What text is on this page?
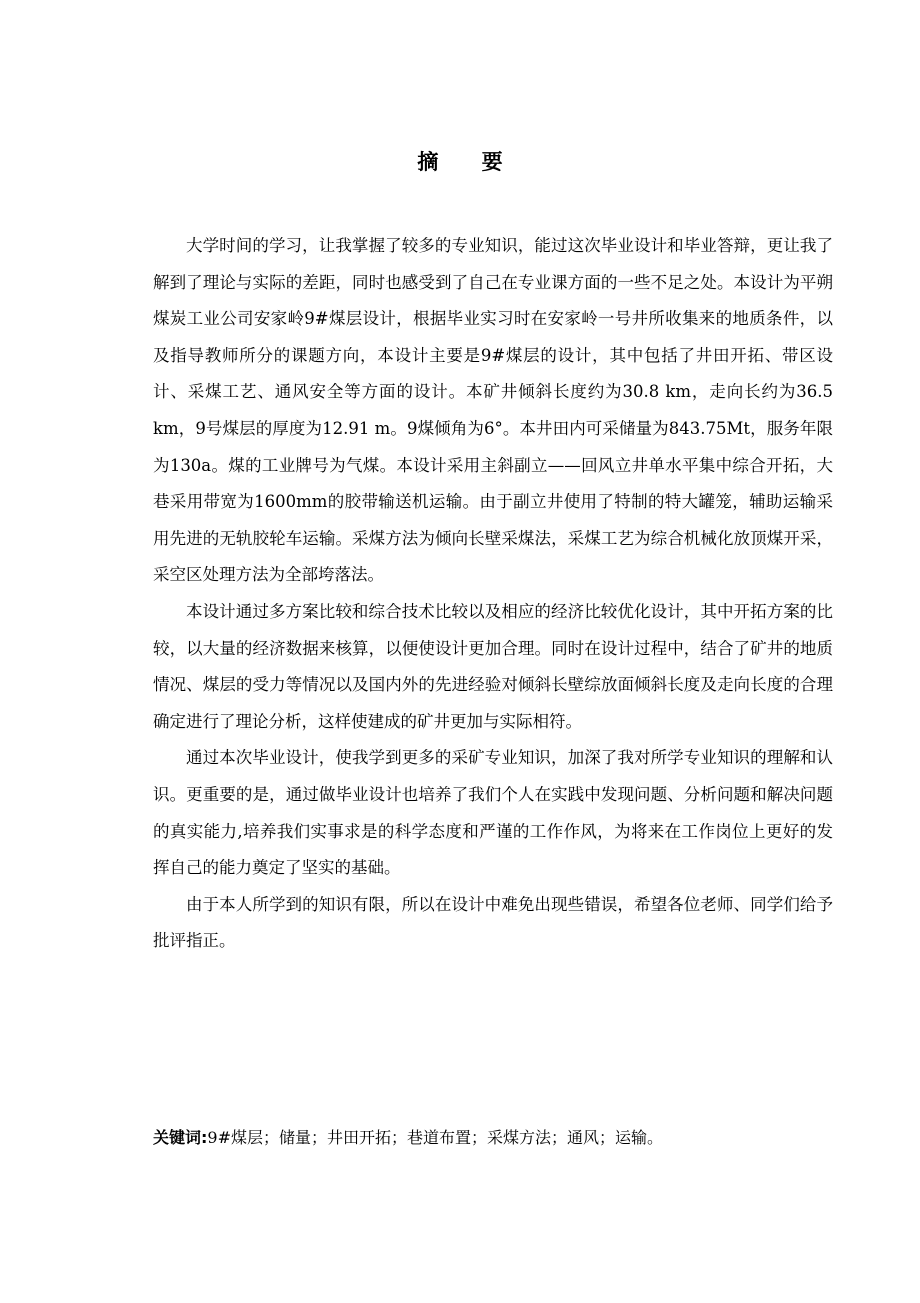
摘 要

大学时间的学习，让我掌握了较多的专业知识，能过这次毕业设计和毕业答辩，更让我了解到了理论与实际的差距，同时也感受到了自己在专业课方面的一些不足之处。本设计为平朔煤炭工业公司安家岭9#煤层设计，根据毕业实习时在安家岭一号井所收集来的地质条件，以及指导教师所分的课题方向，本设计主要是9#煤层的设计，其中包括了井田开拓、带区设计、采煤工艺、通风安全等方面的设计。本矿井倾斜长度约为30.8 km，走向长约为36.5 km，9号煤层的厚度为12.91 m。9煤倾角为6°。本井田内可采储量为843.75Mt，服务年限为130a。煤的工业牌号为气煤。本设计采用主斜副立——回风立井单水平集中综合开拓，大巷采用带宽为1600mm的胶带输送机运输。由于副立井使用了特制的特大罐笼，辅助运输采用先进的无轨胶轮车运输。采煤方法为倾向长壁采煤法，采煤工艺为综合机械化放顶煤开采，采空区处理方法为全部垮落法。

本设计通过多方案比较和综合技术比较以及相应的经济比较优化设计，其中开拓方案的比较，以大量的经济数据来核算，以便使设计更加合理。同时在设计过程中，结合了矿井的地质情况、煤层的受力等情况以及国内外的先进经验对倾斜长壁综放面倾斜长度及走向长度的合理确定进行了理论分析，这样使建成的矿井更加与实际相符。

通过本次毕业设计，使我学到更多的采矿专业知识，加深了我对所学专业知识的理解和认识。更重要的是，通过做毕业设计也培养了我们个人在实践中发现问题、分析问题和解决问题的真实能力,培养我们实事求是的科学态度和严谨的工作作风，为将来在工作岗位上更好的发挥自己的能力奠定了坚实的基础。

由于本人所学到的知识有限，所以在设计中难免出现些错误，希望各位老师、同学们给予批评指正。

关键词:9#煤层；储量；井田开拓；巷道布置；采煤方法；通风；运输。
